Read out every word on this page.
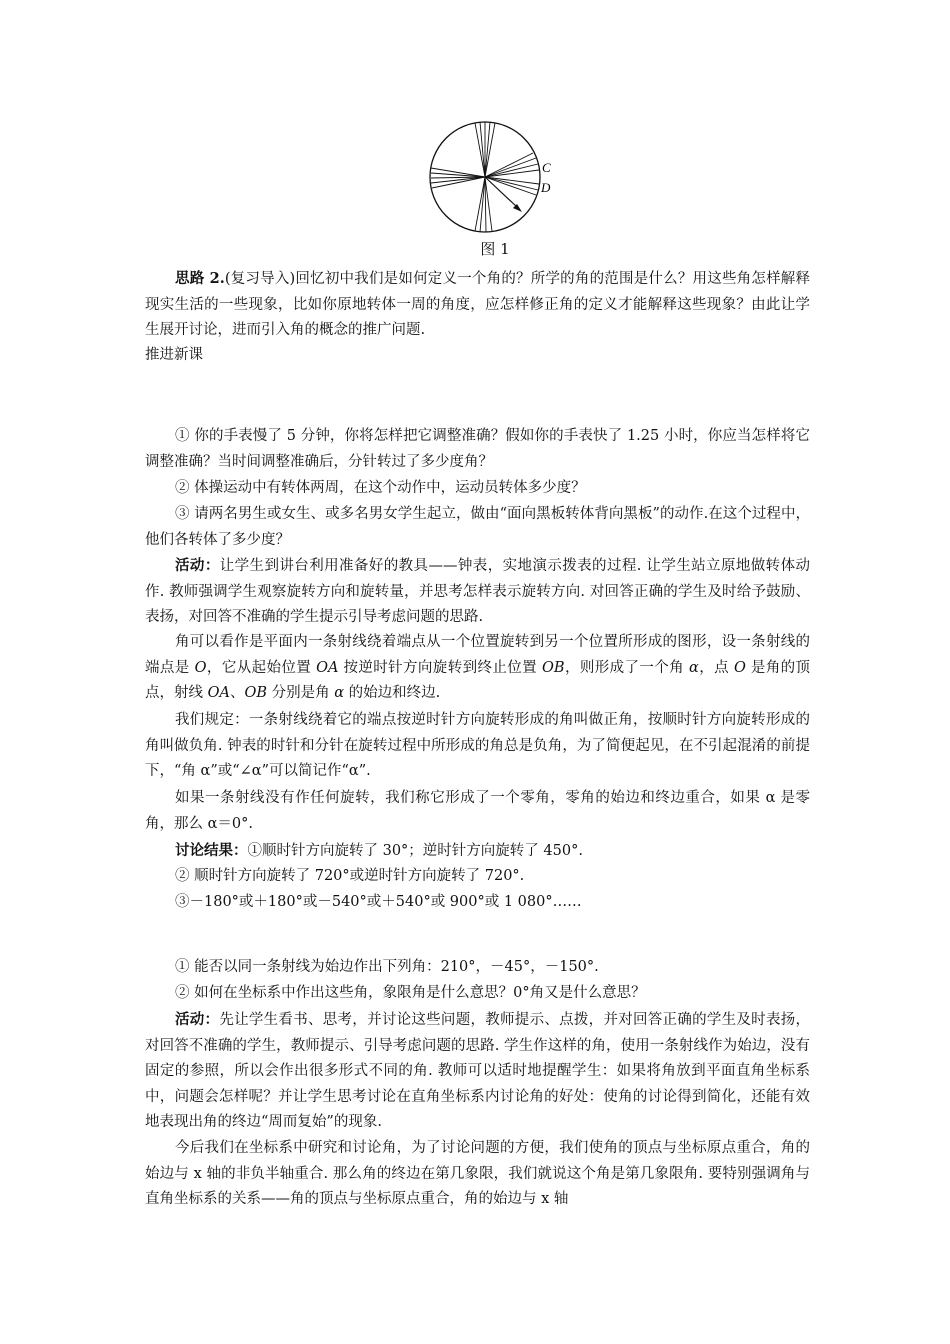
C
D
图 1
思路 2.(复习导入)回忆初中我们是如何定义一个角的？所学的角的范围是什么？用这些角怎样解释现实生活的一些现象，比如你原地转体一周的角度，应怎样修正角的定义才能解释这些现象？由此让学生展开讨论，进而引入角的概念的推广问题.
推进新课
① 你的手表慢了 5 分钟，你将怎样把它调整准确？假如你的手表快了 1.25 小时，你应当怎样将它调整准确？当时间调整准确后，分针转过了多少度角？
② 体操运动中有转体两周，在这个动作中，运动员转体多少度？
③ 请两名男生或女生、或多名男女学生起立，做由“面向黑板转体背向黑板”的动作.在这个过程中，他们各转体了多少度？
活动：让学生到讲台利用准备好的教具——钟表，实地演示拨表的过程. 让学生站立原地做转体动作. 教师强调学生观察旋转方向和旋转量，并思考怎样表示旋转方向. 对回答正确的学生及时给予鼓励、表扬，对回答不准确的学生提示引导考虑问题的思路.
角可以看作是平面内一条射线绕着端点从一个位置旋转到另一个位置所形成的图形，设一条射线的端点是 O，它从起始位置 OA 按逆时针方向旋转到终止位置 OB，则形成了一个角 α，点 O 是角的顶点，射线 OA、OB 分别是角 α 的始边和终边.
我们规定：一条射线绕着它的端点按逆时针方向旋转形成的角叫做正角，按顺时针方向旋转形成的角叫做负角. 钟表的时针和分针在旋转过程中所形成的角总是负角，为了简便起见，在不引起混淆的前提下，“角 α”或“∠α”可以简记作“α”.
如果一条射线没有作任何旋转，我们称它形成了一个零角，零角的始边和终边重合，如果 α 是零角，那么 α＝0°.
讨论结果：①顺时针方向旋转了 30°；逆时针方向旋转了 450°.
② 顺时针方向旋转了 720°或逆时针方向旋转了 720°.
③－180°或＋180°或－540°或＋540°或 900°或 1 080°……
① 能否以同一条射线为始边作出下列角：210°，－45°，－150°.
② 如何在坐标系中作出这些角，象限角是什么意思？0°角又是什么意思？
活动：先让学生看书、思考，并讨论这些问题，教师提示、点拨，并对回答正确的学生及时表扬，对回答不准确的学生，教师提示、引导考虑问题的思路. 学生作这样的角，使用一条射线作为始边，没有固定的参照，所以会作出很多形式不同的角. 教师可以适时地提醒学生：如果将角放到平面直角坐标系中，问题会怎样呢？并让学生思考讨论在直角坐标系内讨论角的好处：使角的讨论得到简化，还能有效地表现出角的终边“周而复始”的现象.
今后我们在坐标系中研究和讨论角，为了讨论问题的方便，我们使角的顶点与坐标原点重合，角的始边与 x 轴的非负半轴重合. 那么角的终边在第几象限，我们就说这个角是第几象限角. 要特别强调角与直角坐标系的关系——角的顶点与坐标原点重合，角的始边与 x 轴
